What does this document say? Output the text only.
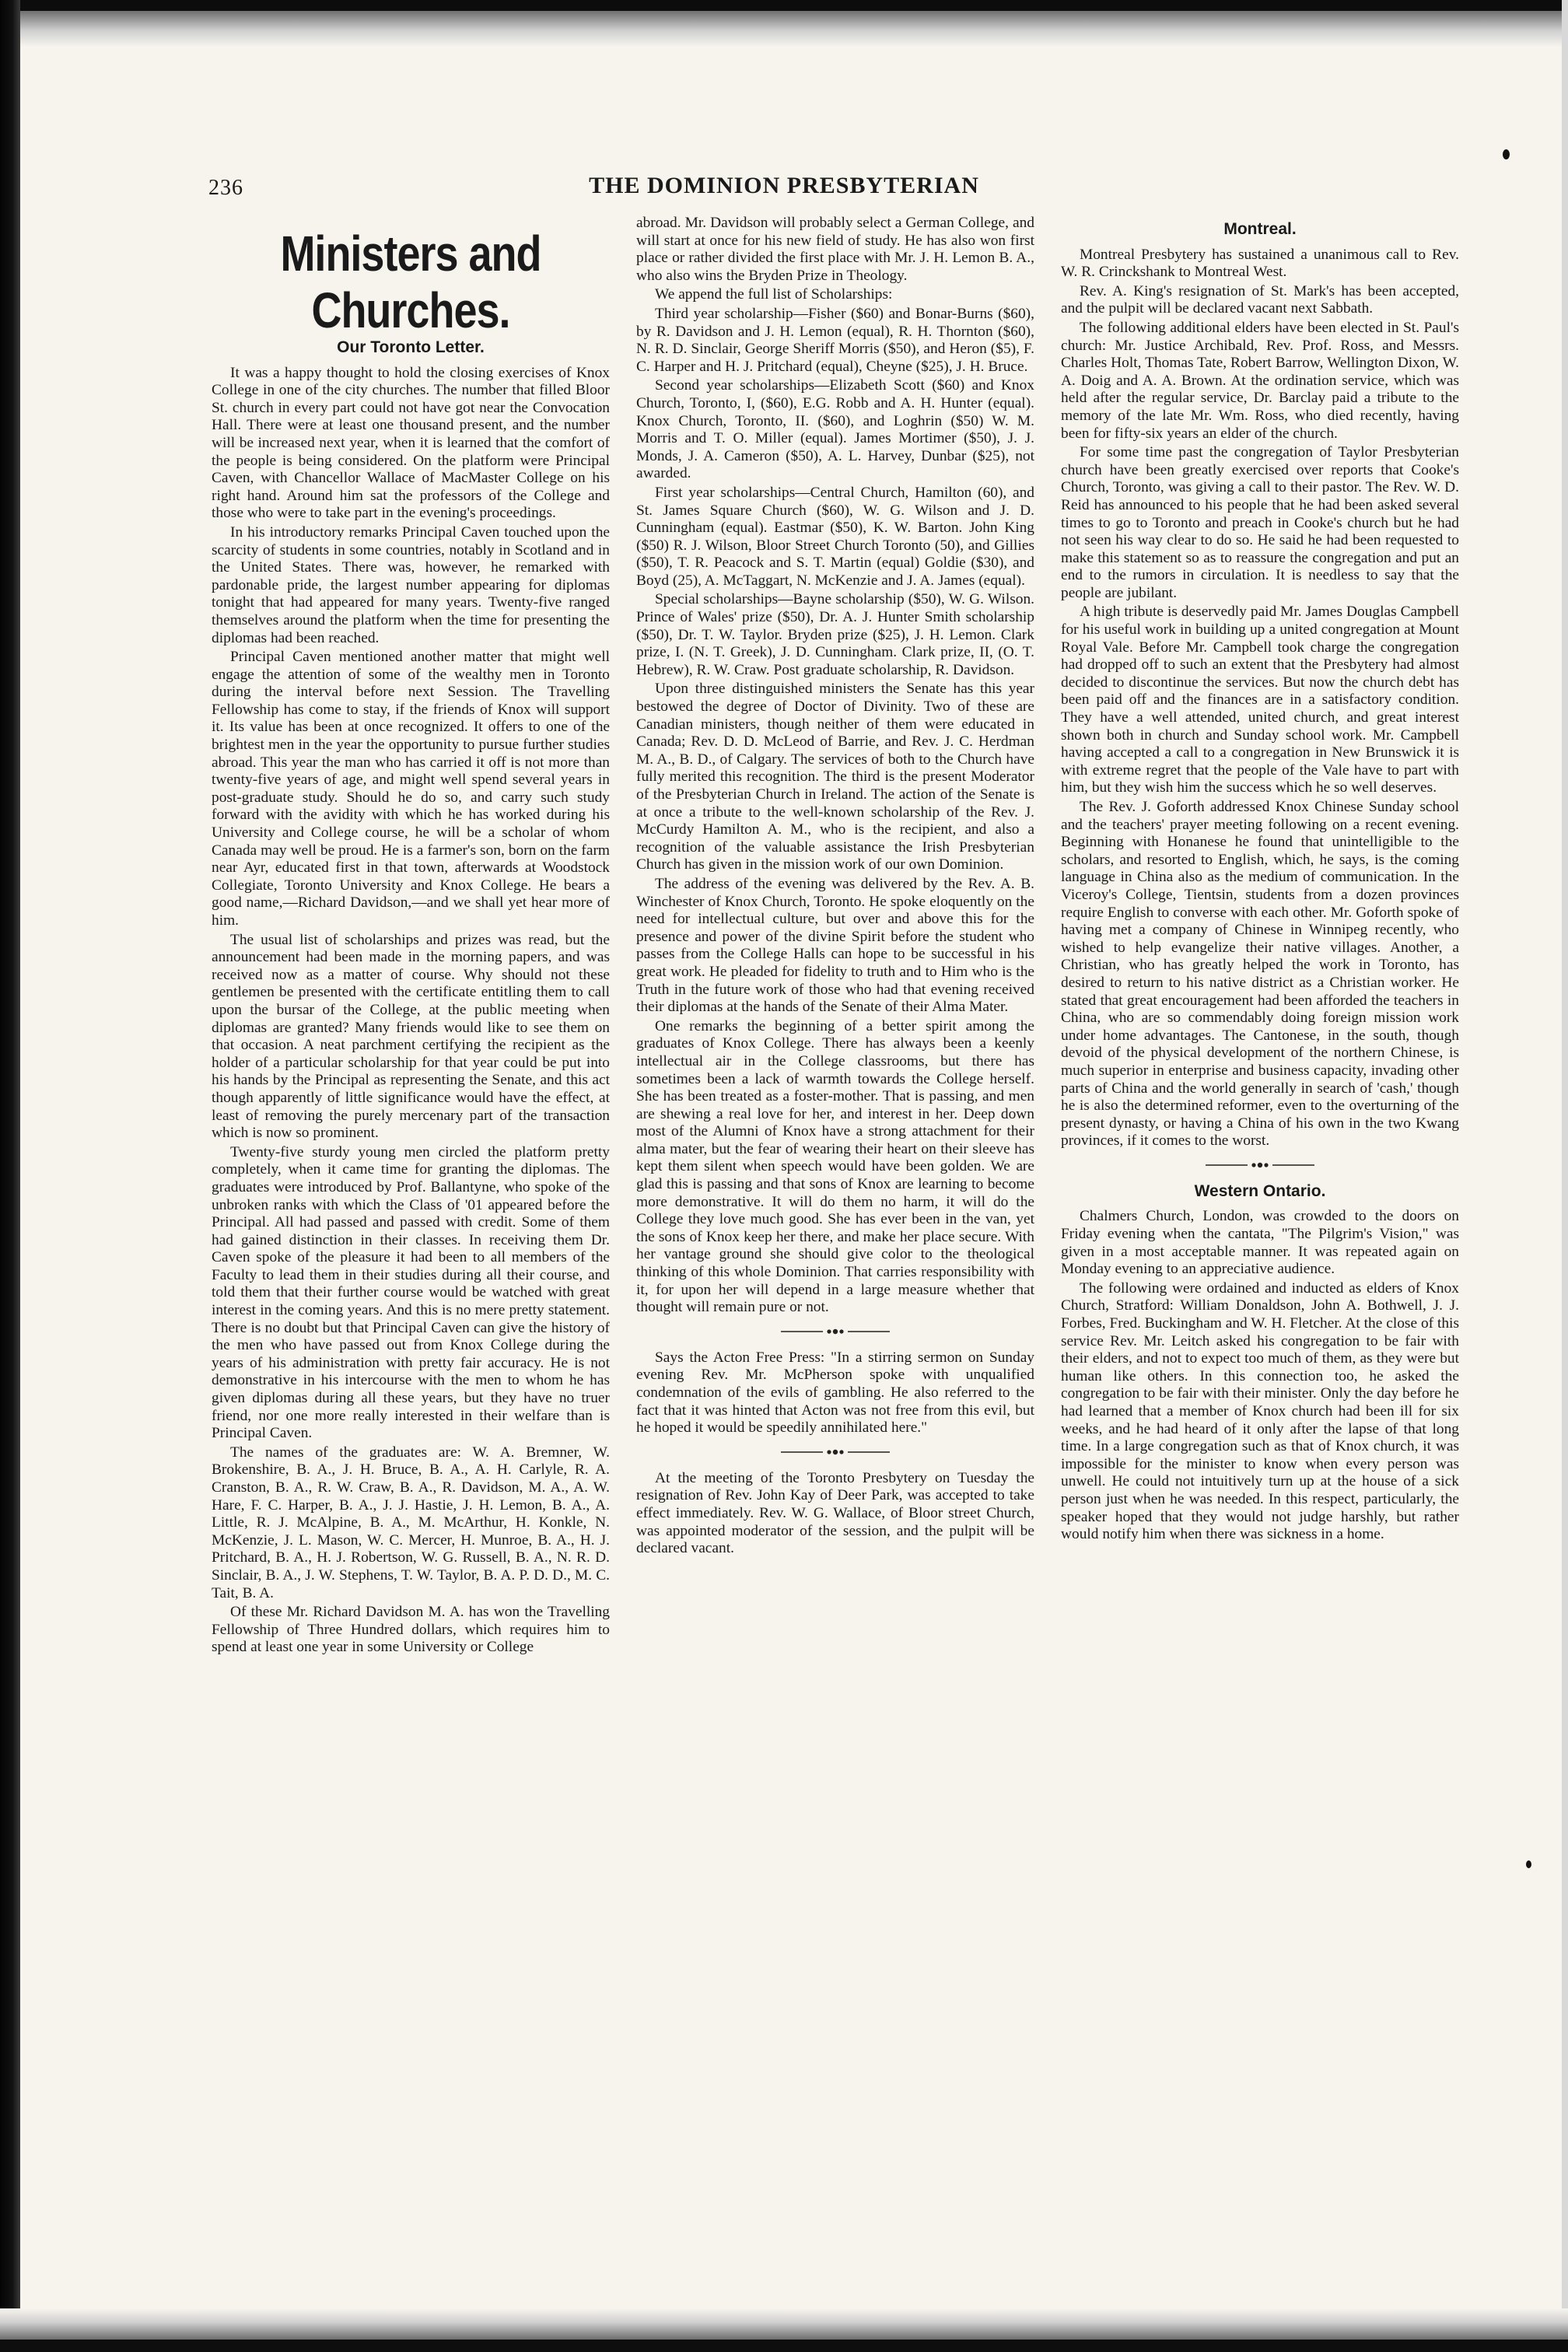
236	THE DOMINION PRESBYTERIAN
Ministers and Churches.
Our Toronto Letter.

It was a happy thought to hold the closing exercises of Knox College in one of the city churches. The number that filled Bloor St. church in every part could not have got near the Convocation Hall. There were at least one thousand present, and the number will be increased next year, when it is learned that the comfort of the people is being considered. On the platform were Principal Caven, with Chancellor Wallace of MacMaster College on his right hand. Around him sat the professors of the College and those who were to take part in the evening's proceedings.

In his introductory remarks Principal Caven touched upon the scarcity of students in some countries, notably in Scotland and in the United States. There was, however, he remarked with pardonable pride, the largest number appearing for diplomas tonight that had appeared for many years. Twenty-five ranged themselves around the platform when the time for presenting the diplomas had been reached.

Principal Caven mentioned another matter that might well engage the attention of some of the wealthy men in Toronto during the interval before next Session. The Travelling Fellowship has come to stay, if the friends of Knox will support it. Its value has been at once recognized. It offers to one of the brightest men in the year the opportunity to pursue further studies abroad. This year the man who has carried it off is not more than twenty-five years of age, and might well spend several years in post-graduate study. Should he do so, and carry such study forward with the avidity with which he has worked during his University and College course, he will be a scholar of whom Canada may well be proud. He is a farmer's son, born on the farm near Ayr, educated first in that town, afterwards at Woodstock Collegiate, Toronto University and Knox College. He bears a good name,—Richard Davidson,—and we shall yet hear more of him.

The usual list of scholarships and prizes was read, but the announcement had been made in the morning papers, and was received now as a matter of course. Why should not these gentlemen be presented with the certificate entitling them to call upon the bursar of the College, at the public meeting when diplomas are granted? Many friends would like to see them on that occasion. A neat parchment certifying the recipient as the holder of a particular scholarship for that year could be put into his hands by the Principal as representing the Senate, and this act though apparently of little significance would have the effect, at least of removing the purely mercenary part of the transaction which is now so prominent.

Twenty-five sturdy young men circled the platform pretty completely, when it came time for granting the diplomas. The graduates were introduced by Prof. Ballantyne, who spoke of the unbroken ranks with which the Class of '01 appeared before the Principal. All had passed and passed with credit. Some of them had gained distinction in their classes. In receiving them Dr. Caven spoke of the pleasure it had been to all members of the Faculty to lead them in their studies during all their course, and told them that their further course would be watched with great interest in the coming years. And this is no mere pretty statement. There is no doubt but that Principal Caven can give the history of the men who have passed out from Knox College during the years of his administration with pretty fair accuracy. He is not demonstrative in his intercourse with the men to whom he has given diplomas during all these years, but they have no truer friend, nor one more really interested in their welfare than is Principal Caven.

The names of the graduates are: W. A. Bremner, W. Brokenshire, B. A., J. H. Bruce, B. A., A. H. Carlyle, R. A. Cranston, B. A., R. W. Craw, B. A., R. Davidson, M. A., A. W. Hare, F. C. Harper, B. A., J. J. Hastie, J. H. Lemon, B. A., A. Little, R. J. McAlpine, B. A., M. McArthur, H. Konkle, N. McKenzie, J. L. Mason, W. C. Mercer, H. Munroe, B. A., H. J. Pritchard, B. A., H. J. Robertson, W. G. Russell, B. A., N. R. D. Sinclair, B. A., J. W. Stephens, T. W. Taylor, B. A. P. D. D., M. C. Tait, B. A.

Of these Mr. Richard Davidson M. A. has won the Travelling Fellowship of Three Hundred dollars, which requires him to spend at least one year in some University or College

abroad. Mr. Davidson will probably select a German College, and will start at once for his new field of study. He has also won first place or rather divided the first place with Mr. J. H. Lemon B. A., who also wins the Bryden Prize in Theology.

We append the full list of Scholarships:

Third year scholarship—Fisher ($60) and Bonar-Burns ($60), by R. Davidson and J. H. Lemon (equal), R. H. Thornton ($60), N. R. D. Sinclair, George Sheriff Morris ($50), and Heron ($5), F. C. Harper and H. J. Pritchard (equal), Cheyne ($25), J. H. Bruce.

Second year scholarships—Elizabeth Scott ($60) and Knox Church, Toronto, I, ($60), E.G. Robb and A. H. Hunter (equal). Knox Church, Toronto, II. ($60), and Loghrin ($50) W. M. Morris and T. O. Miller (equal). James Mortimer ($50), J. J. Monds, J. A. Cameron ($50), A. L. Harvey, Dunbar ($25), not awarded.

First year scholarships—Central Church, Hamilton (60), and St. James Square Church ($60), W. G. Wilson and J. D. Cunningham (equal). Eastmar ($50), K. W. Barton. John King ($50) R. J. Wilson, Bloor Street Church Toronto (50), and Gillies ($50), T. R. Peacock and S. T. Martin (equal) Goldie ($30), and Boyd (25), A. McTaggart, N. McKenzie and J. A. James (equal).

Special scholarships—Bayne scholarship ($50), W. G. Wilson. Prince of Wales' prize ($50), Dr. A. J. Hunter Smith scholarship ($50), Dr. T. W. Taylor. Bryden prize ($25), J. H. Lemon. Clark prize, I. (N. T. Greek), J. D. Cunningham. Clark prize, II, (O. T. Hebrew), R. W. Craw. Post graduate scholarship, R. Davidson.

Upon three distinguished ministers the Senate has this year bestowed the degree of Doctor of Divinity. Two of these are Canadian ministers, though neither of them were educated in Canada; Rev. D. D. McLeod of Barrie, and Rev. J. C. Herdman M. A., B. D., of Calgary. The services of both to the Church have fully merited this recognition. The third is the present Moderator of the Presbyterian Church in Ireland. The action of the Senate is at once a tribute to the well-known scholarship of the Rev. J. McCurdy Hamilton A. M., who is the recipient, and also a recognition of the valuable assistance the Irish Presbyterian Church has given in the mission work of our own Dominion.

The address of the evening was delivered by the Rev. A. B. Winchester of Knox Church, Toronto. He spoke eloquently on the need for intellectual culture, but over and above this for the presence and power of the divine Spirit before the student who passes from the College Halls can hope to be successful in his great work. He pleaded for fidelity to truth and to Him who is the Truth in the future work of those who had that evening received their diplomas at the hands of the Senate of their Alma Mater.

One remarks the beginning of a better spirit among the graduates of Knox College. There has always been a keenly intellectual air in the College classrooms, but there has sometimes been a lack of warmth towards the College herself. She has been treated as a foster-mother. That is passing, and men are shewing a real love for her, and interest in her. Deep down most of the Alumni of Knox have a strong attachment for their alma mater, but the fear of wearing their heart on their sleeve has kept them silent when speech would have been golden. We are glad this is passing and that sons of Knox are learning to become more demonstrative. It will do them no harm, it will do the College they love much good. She has ever been in the van, yet the sons of Knox keep her there, and make her place secure. With her vantage ground she should give color to the theological thinking of this whole Dominion. That carries responsibility with it, for upon her will depend in a large measure whether that thought will remain pure or not.

Says the Acton Free Press: "In a stirring sermon on Sunday evening Rev. Mr. McPherson spoke with unqualified condemnation of the evils of gambling. He also referred to the fact that it was hinted that Acton was not free from this evil, but he hoped it would be speedily annihilated here."

At the meeting of the Toronto Presbytery on Tuesday the resignation of Rev. John Kay of Deer Park, was accepted to take effect immediately. Rev. W. G. Wallace, of Bloor street Church, was appointed moderator of the session, and the pulpit will be declared vacant.

Montreal.

Montreal Presbytery has sustained a unanimous call to Rev. W. R. Crinckshank to Montreal West.

Rev. A. King's resignation of St. Mark's has been accepted, and the pulpit will be declared vacant next Sabbath.

The following additional elders have been elected in St. Paul's church: Mr. Justice Archibald, Rev. Prof. Ross, and Messrs. Charles Holt, Thomas Tate, Robert Barrow, Wellington Dixon, W. A. Doig and A. A. Brown. At the ordination service, which was held after the regular service, Dr. Barclay paid a tribute to the memory of the late Mr. Wm. Ross, who died recently, having been for fifty-six years an elder of the church.

For some time past the congregation of Taylor Presbyterian church have been greatly exercised over reports that Cooke's Church, Toronto, was giving a call to their pastor. The Rev. W. D. Reid has announced to his people that he had been asked several times to go to Toronto and preach in Cooke's church but he had not seen his way clear to do so. He said he had been requested to make this statement so as to reassure the congregation and put an end to the rumors in circulation. It is needless to say that the people are jubilant.

A high tribute is deservedly paid Mr. James Douglas Campbell for his useful work in building up a united congregation at Mount Royal Vale. Before Mr. Campbell took charge the congregation had dropped off to such an extent that the Presbytery had almost decided to discontinue the services. But now the church debt has been paid off and the finances are in a satisfactory condition. They have a well attended, united church, and great interest shown both in church and Sunday school work. Mr. Campbell having accepted a call to a congregation in New Brunswick it is with extreme regret that the people of the Vale have to part with him, but they wish him the success which he so well deserves.

The Rev. J. Goforth addressed Knox Chinese Sunday school and the teachers' prayer meeting following on a recent evening. Beginning with Honanese he found that unintelligible to the scholars, and resorted to English, which, he says, is the coming language in China also as the medium of communication. In the Viceroy's College, Tientsin, students from a dozen provinces require English to converse with each other. Mr. Goforth spoke of having met a company of Chinese in Winnipeg recently, who wished to help evangelize their native villages. Another, a Christian, who has greatly helped the work in Toronto, has desired to return to his native district as a Christian worker. He stated that great encouragement had been afforded the teachers in China, who are so commendably doing foreign mission work under home advantages. The Cantonese, in the south, though devoid of the physical development of the northern Chinese, is much superior in enterprise and business capacity, invading other parts of China and the world generally in search of 'cash,' though he is also the determined reformer, even to the overturning of the present dynasty, or having a China of his own in the two Kwang provinces, if it comes to the worst.

Western Ontario.

Chalmers Church, London, was crowded to the doors on Friday evening when the cantata, "The Pilgrim's Vision," was given in a most acceptable manner. It was repeated again on Monday evening to an appreciative audience.

The following were ordained and inducted as elders of Knox Church, Stratford: William Donaldson, John A. Bothwell, J. J. Forbes, Fred. Buckingham and W. H. Fletcher. At the close of this service Rev. Mr. Leitch asked his congregation to be fair with their elders, and not to expect too much of them, as they were but human like others. In this connection too, he asked the congregation to be fair with their minister. Only the day before he had learned that a member of Knox church had been ill for six weeks, and he had heard of it only after the lapse of that long time. In a large congregation such as that of Knox church, it was impossible for the minister to know when every person was unwell. He could not intuitively turn up at the house of a sick person just when he was needed. In this respect, particularly, the speaker hoped that they would not judge harshly, but rather would notify him when there was sickness in a home.
